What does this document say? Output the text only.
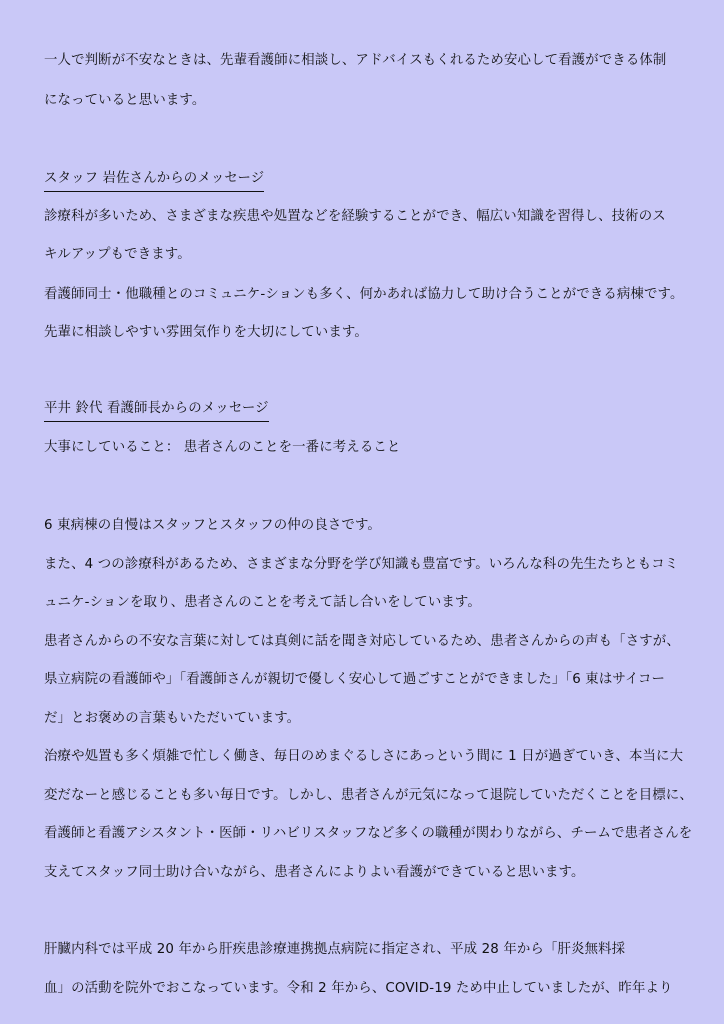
一人で判断が不安なときは、先輩看護師に相談し、アドバイスもくれるため安心して看護ができる体制
になっていると思います。
スタッフ 岩佐さんからのメッセージ
診療科が多いため、さまざまな疾患や処置などを経験することができ、幅広い知識を習得し、技術のス
キルアップもできます。
看護師同士・他職種とのコミュニケ-ションも多く、何かあれば協力して助け合うことができる病棟です。
先輩に相談しやすい雰囲気作りを大切にしています。
平井 鈴代 看護師長からのメッセージ
大事にしていること： 患者さんのことを一番に考えること
6 東病棟の自慢はスタッフとスタッフの仲の良さです。
また、4 つの診療科があるため、さまざまな分野を学び知識も豊富です。いろんな科の先生たちともコミ
ュニケ-ションを取り、患者さんのことを考えて話し合いをしています。
患者さんからの不安な言葉に対しては真剣に話を聞き対応しているため、患者さんからの声も「さすが、
県立病院の看護師や」「看護師さんが親切で優しく安心して過ごすことができました」「6 東はサイコー
だ」とお褒めの言葉もいただいています。
治療や処置も多く煩雑で忙しく働き、毎日のめまぐるしさにあっという間に 1 日が過ぎていき、本当に大
変だなーと感じることも多い毎日です。しかし、患者さんが元気になって退院していただくことを目標に、
看護師と看護アシスタント・医師・リハビリスタッフなど多くの職種が関わりながら、チームで患者さんを
支えてスタッフ同士助け合いながら、患者さんによりよい看護ができていると思います。
肝臓内科では平成 20 年から肝疾患診療連携拠点病院に指定され、平成 28 年から「肝炎無料採
血」の活動を院外でおこなっています。令和 2 年から、COVID-19 ため中止していましたが、昨年より
